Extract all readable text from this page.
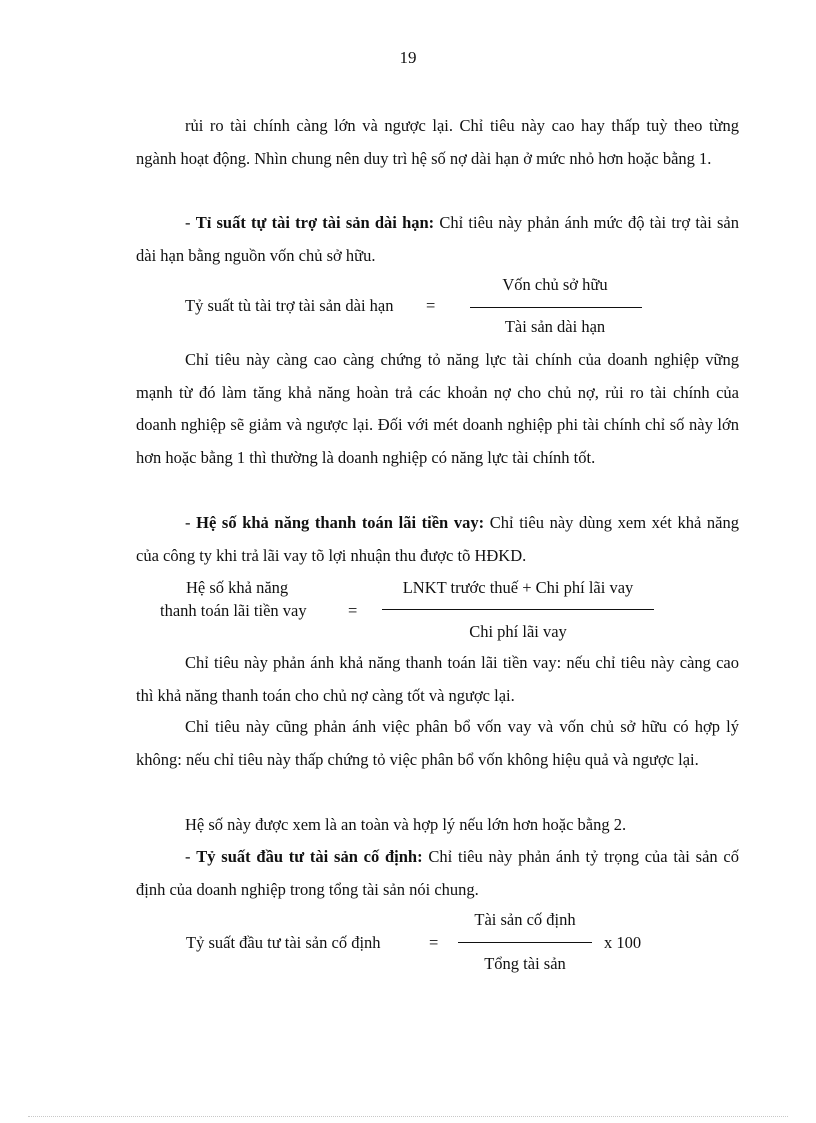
19
rủi ro tài chính càng lớn và ngược lại. Chỉ tiêu này cao hay thấp tuỳ theo từng ngành hoạt động. Nhìn chung nên duy trì hệ số nợ dài hạn ở mức nhỏ hơn hoặc bằng 1.
- Tỉ suất tự tài trợ tài sản dài hạn: Chỉ tiêu này phản ánh mức độ tài trợ tài sản dài hạn bằng nguồn vốn chủ sở hữu.
Tỷ suất tù tài trợ tài sản dài hạn =
Vốn chủ sở hữu
Tài sản dài hạn
Chỉ tiêu này càng cao càng chứng tỏ năng lực tài chính của doanh nghiệp vững mạnh từ đó làm tăng khả năng hoàn trả các khoản nợ cho chủ nợ, rủi ro tài chính của doanh nghiệp sẽ giảm và ngược lại. Đối với mét doanh nghiệp phi tài chính chỉ số này lớn hơn hoặc bằng 1 thì thường là doanh nghiệp có năng lực tài chính tốt.
- Hệ số khả năng thanh toán lãi tiền vay: Chỉ tiêu này dùng xem xét khả năng của công ty khi trả lãi vay tõ lợi nhuận thu được tõ HĐKD.
Hệ số khả năng
thanh toán lãi tiền vay	=
LNKT trước thuế + Chi phí lãi vay
Chi phí lãi vay
Chỉ tiêu này phản ánh khả năng thanh toán lãi tiền vay: nếu chỉ tiêu này càng cao thì khả năng thanh toán cho chủ nợ càng tốt và ngược lại.
Chỉ tiêu này cũng phản ánh việc phân bổ vốn vay và vốn chủ sở hữu có hợp lý không: nếu chỉ tiêu này thấp chứng tỏ việc phân bổ vốn không hiệu quả và ngược lại.
Hệ số này được xem là an toàn và hợp lý nếu lớn hơn hoặc bằng 2.
- Tỷ suất đầu tư tài sản cố định: Chỉ tiêu này phản ánh tỷ trọng của tài sản cố định của doanh nghiệp trong tổng tài sản nói chung.
Tỷ suất đầu tư tài sản cố định	=
Tài sản cố định
Tổng tài sản
x 100
